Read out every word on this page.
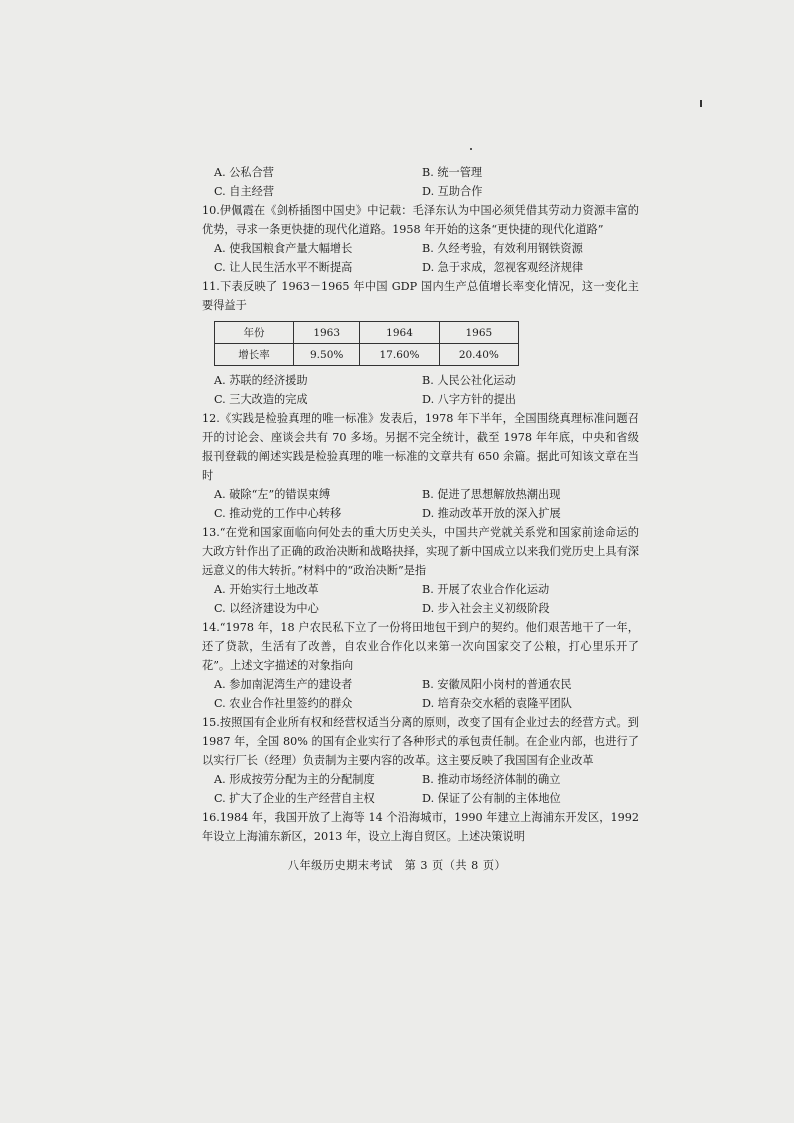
A. 公私合营	B. 统一管理
C. 自主经营	D. 互助合作

10.伊佩霞在《剑桥插图中国史》中记载：毛泽东认为中国必须凭借其劳动力资源丰富的优势，寻求一条更快捷的现代化道路。1958 年开始的这条“更快捷的现代化道路”

A. 使我国粮食产量大幅增长	B. 久经考验，有效利用钢铁资源
C. 让人民生活水平不断提高	D. 急于求成，忽视客观经济规律

11.下表反映了 1963－1965 年中国 GDP 国内生产总值增长率变化情况，这一变化主要得益于

年份	1963	1964	1965
增长率	9.50%	17.60%	20.40%
A. 苏联的经济援助	B. 人民公社化运动
C. 三大改造的完成	D. 八字方针的提出

12.《实践是检验真理的唯一标准》发表后，1978 年下半年，全国围绕真理标准问题召开的讨论会、座谈会共有 70 多场。另据不完全统计，截至 1978 年年底，中央和省级报刊登载的阐述实践是检验真理的唯一标准的文章共有 650 余篇。据此可知该文章在当时

A. 破除“左”的错误束缚	B. 促进了思想解放热潮出现
C. 推动党的工作中心转移	D. 推动改革开放的深入扩展

13.“在党和国家面临向何处去的重大历史关头，中国共产党就关系党和国家前途命运的大政方针作出了正确的政治决断和战略抉择，实现了新中国成立以来我们党历史上具有深远意义的伟大转折。”材料中的“政治决断”是指

A. 开始实行土地改革	B. 开展了农业合作化运动
C. 以经济建设为中心	D. 步入社会主义初级阶段

14.“1978 年，18 户农民私下立了一份将田地包干到户的契约。他们艰苦地干了一年，还了贷款，生活有了改善，自农业合作化以来第一次向国家交了公粮，打心里乐开了花”。上述文字描述的对象指向

A. 参加南泥湾生产的建设者	B. 安徽凤阳小岗村的普通农民
C. 农业合作社里签约的群众	D. 培育杂交水稻的袁隆平团队

15.按照国有企业所有权和经营权适当分离的原则，改变了国有企业过去的经营方式。到 1987 年，全国 80% 的国有企业实行了各种形式的承包责任制。在企业内部，也进行了以实行厂长（经理）负责制为主要内容的改革。这主要反映了我国国有企业改革

A. 形成按劳分配为主的分配制度	B. 推动市场经济体制的确立
C. 扩大了企业的生产经营自主权	D. 保证了公有制的主体地位

16.1984 年，我国开放了上海等 14 个沿海城市，1990 年建立上海浦东开发区，1992 年设立上海浦东新区，2013 年，设立上海自贸区。上述决策说明

八年级历史期末考试　第 3 页（共 8 页）
